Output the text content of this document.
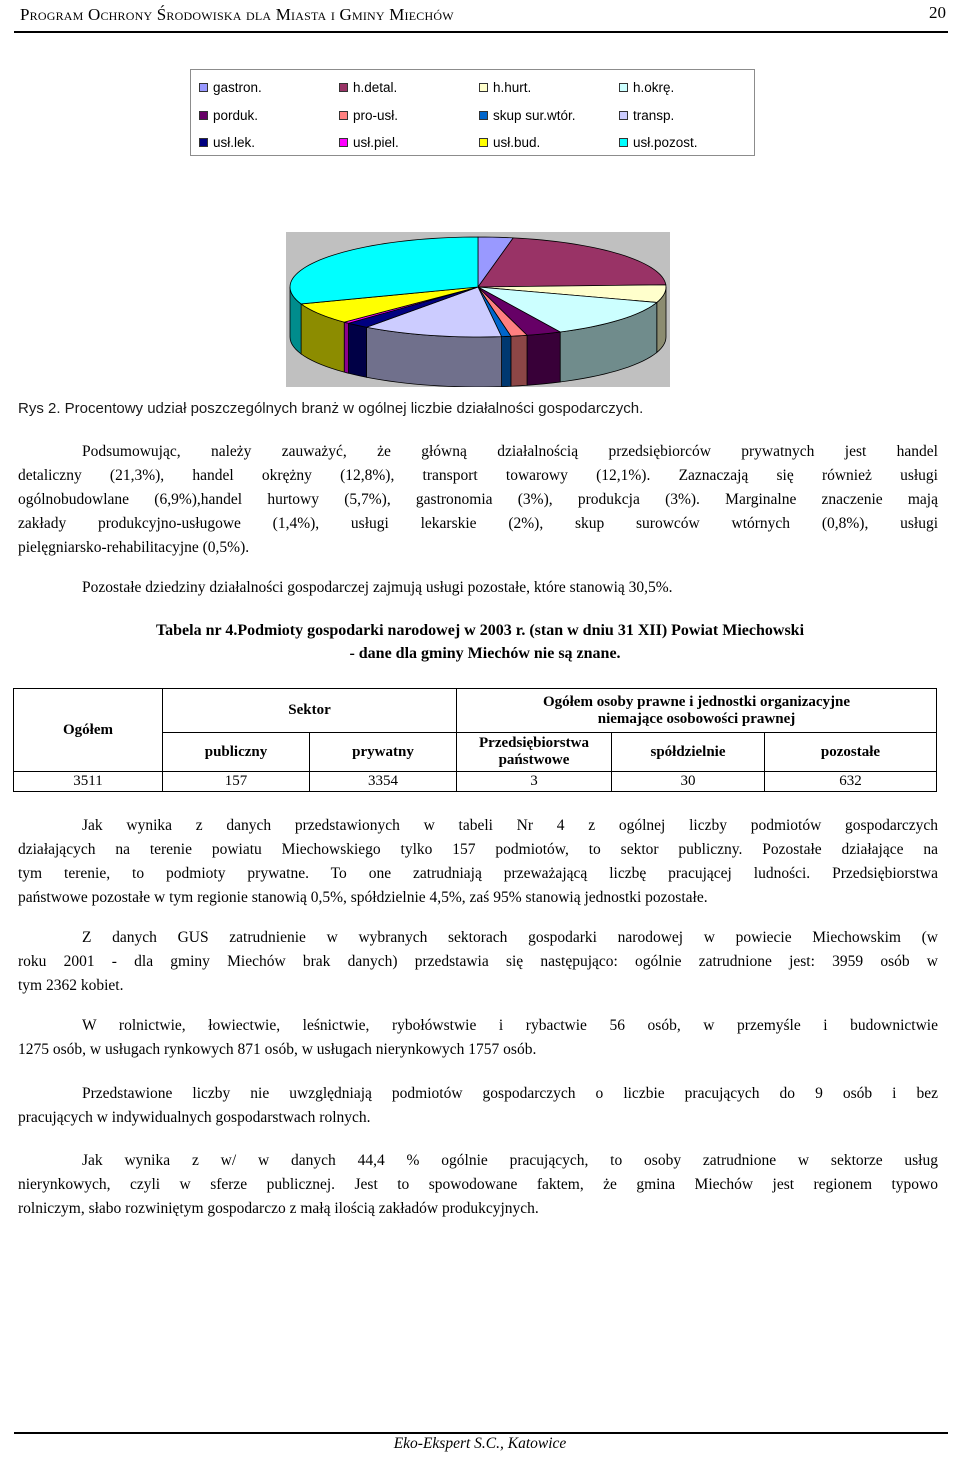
Program Ochrony Środowiska dla Miasta i Gminy Miechów	20
gastron.	h.detal.	h.hurt.	h.okrę.
porduk.	pro-usł.	skup sur.wtór.	transp.
usł.lek.	usł.piel.	usł.bud.	usł.pozost.
Rys 2. Procentowy udział poszczególnych branż w ogólnej liczbie działalności gospodarczych.
Podsumowując, należy zauważyć, że główną działalnością przedsiębiorców prywatnych jest handel
detaliczny (21,3%), handel okrężny (12,8%), transport towarowy (12,1%). Zaznaczają się również usługi
ogólnobudowlane (6,9%),handel hurtowy (5,7%), gastronomia (3%), produkcja (3%). Marginalne znaczenie mają
zakłady produkcyjno-usługowe (1,4%), usługi lekarskie (2%), skup surowców wtórnych (0,8%), usługi
pielęgniarsko-rehabilitacyjne (0,5%).
Pozostałe dziedziny działalności gospodarczej zajmują usługi pozostałe, które stanowią 30,5%.
Tabela nr 4.Podmioty gospodarki narodowej w 2003 r. (stan w dniu 31 XII) Powiat Miechowski
- dane dla gminy Miechów nie są znane.
Ogółem	Sektor		Ogółem osoby prawne i jednostki organizacyjne niemające osobowości prawnej		
	publiczny	prywatny	Przedsiębiorstwa państwowe	spółdzielnie	pozostałe
3511	157	3354	3	30	632
Jak wynika z danych przedstawionych w tabeli Nr 4 z ogólnej liczby podmiotów gospodarczych
działających na terenie powiatu Miechowskiego tylko 157 podmiotów, to sektor publiczny. Pozostałe działające na
tym terenie, to podmioty prywatne. To one zatrudniają przeważającą liczbę pracującej ludności. Przedsiębiorstwa
państwowe pozostałe w tym regionie stanowią 0,5%, spółdzielnie 4,5%, zaś 95% stanowią jednostki pozostałe.
Z danych GUS zatrudnienie w wybranych sektorach gospodarki narodowej w powiecie Miechowskim (w
roku 2001 - dla gminy Miechów brak danych) przedstawia się następująco: ogólnie zatrudnione jest: 3959 osób w
tym 2362 kobiet.
W rolnictwie, łowiectwie, leśnictwie, rybołówstwie i rybactwie 56 osób, w przemyśle i budownictwie
1275 osób, w usługach rynkowych 871 osób, w usługach nierynkowych 1757 osób.
Przedstawione liczby nie uwzględniają podmiotów gospodarczych o liczbie pracujących do 9 osób i bez
pracujących w indywidualnych gospodarstwach rolnych.
Jak wynika z w/ w danych 44,4 % ogólnie pracujących, to osoby zatrudnione w sektorze usług
nierynkowych, czyli w sferze publicznej. Jest to spowodowane faktem, że gmina Miechów jest regionem typowo
rolniczym, słabo rozwiniętym gospodarczo z małą ilością zakładów produkcyjnych.
Eko-Ekspert S.C., Katowice
